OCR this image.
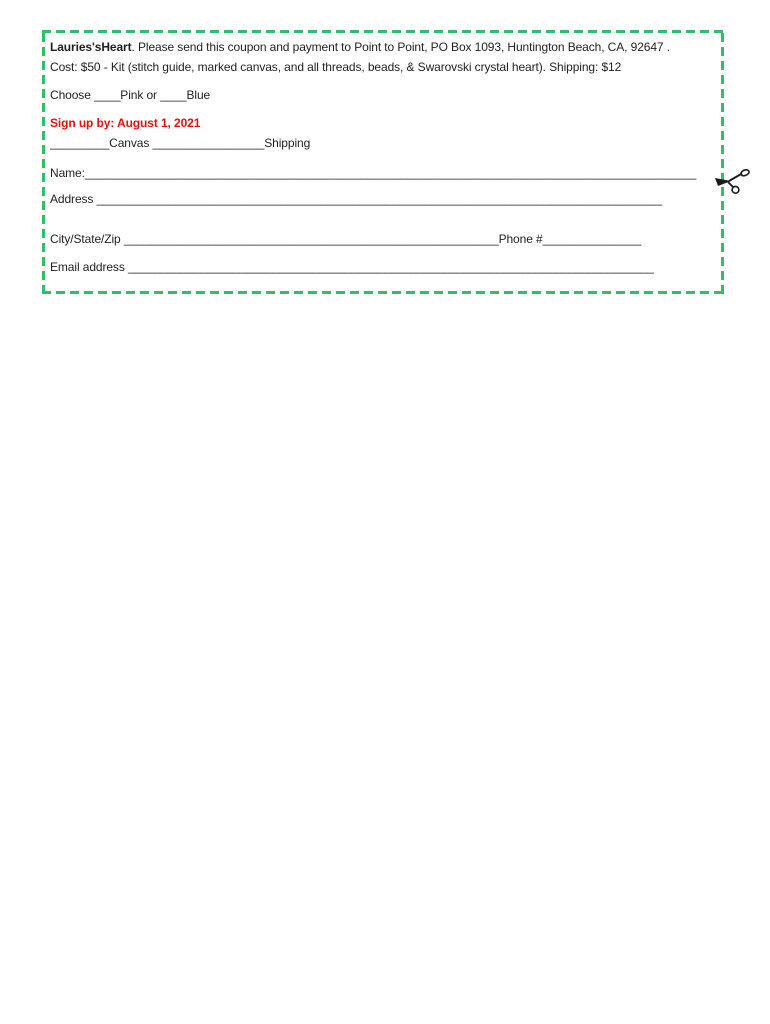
Lauries'sHeart. Please send this coupon and payment to Point to Point, PO Box 1093, Huntington Beach, CA, 92647 .
Cost: $50 - Kit (stitch guide, marked canvas, and all threads, beads, & Swarovski crystal heart). Shipping: $12
Choose ____Pink or ____Blue
Sign up by: August 1, 2021
_________Canvas _________________Shipping
Name:_____________________________________________________________________________________________
Address ______________________________________________________________________________________
City/State/Zip _________________________________________________________Phone #_______________
Email address ________________________________________________________________________________
